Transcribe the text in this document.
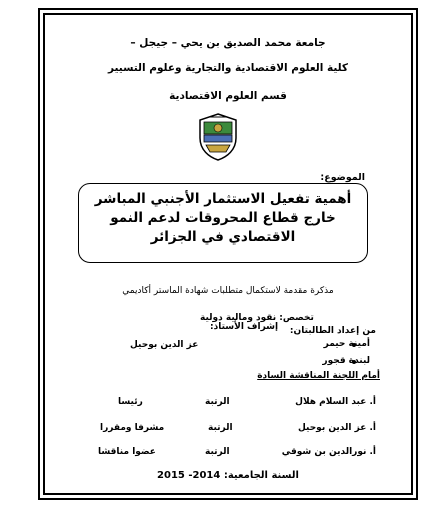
جامعة محمد الصديق بن يحي – جيجل –
كلية العلوم الاقتصادية والتجارية وعلوم التسيير
قسم العلوم الاقتصادية
الموضوع:
أهمية تفعيل الاستثمار الأجنبي المباشر خارج قطاع المحروقات لدعم النمو الاقتصادي في الجزائر
مذكرة مقدمة لاستكمال متطلبات شهادة الماستر أكاديمي
تخصص: نقود ومالية دولية
إشراف الأستاذ: من إعداد الطالبتان:
أمينة حيمر
لبندة قجور
عز الدين بوحيل
أمام اللجنة المناقشة السادة
أ. عبد السلام هلال
الرتبة
رئيسا
أ. عز الدين بوحيل
الرتبة
مشرفا ومقررا
أ. نورالدين بن شوقي
الرتبة
عضوا مناقشا
السنة الجامعية: 2014- 2015
